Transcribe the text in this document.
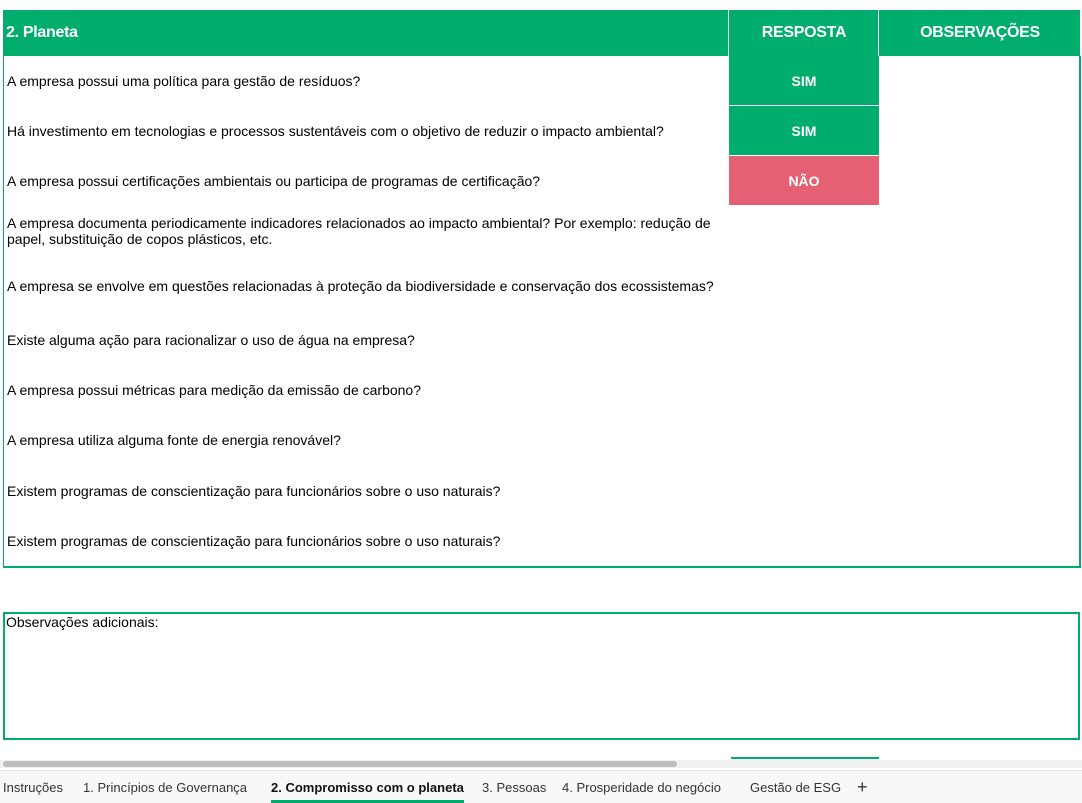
2. Planeta	RESPOSTA	OBSERVAÇÕES
A empresa possui uma política para gestão de resíduos?	SIM
Há investimento em tecnologias e processos sustentáveis com o objetivo de reduzir o impacto ambiental?	SIM
A empresa possui certificações ambientais ou participa de programas de certificação?	NÃO
A empresa documenta periodicamente indicadores relacionados ao impacto ambiental? Por exemplo: redução de papel, substituição de copos plásticos, etc.
A empresa se envolve em questões relacionadas à proteção da biodiversidade e conservação dos ecossistemas?
Existe alguma ação para racionalizar o uso de água na empresa?
A empresa possui métricas para medição da emissão de carbono?
A empresa utiliza alguma fonte de energia renovável?
Existem programas de conscientização para funcionários sobre o uso naturais?
Existem programas de conscientização para funcionários sobre o uso naturais?
Observações adicionais:
Instruções 1. Princípios de Governança 2. Compromisso com o planeta 3. Pessoas 4. Prosperidade do negócio Gestão de ESG +
